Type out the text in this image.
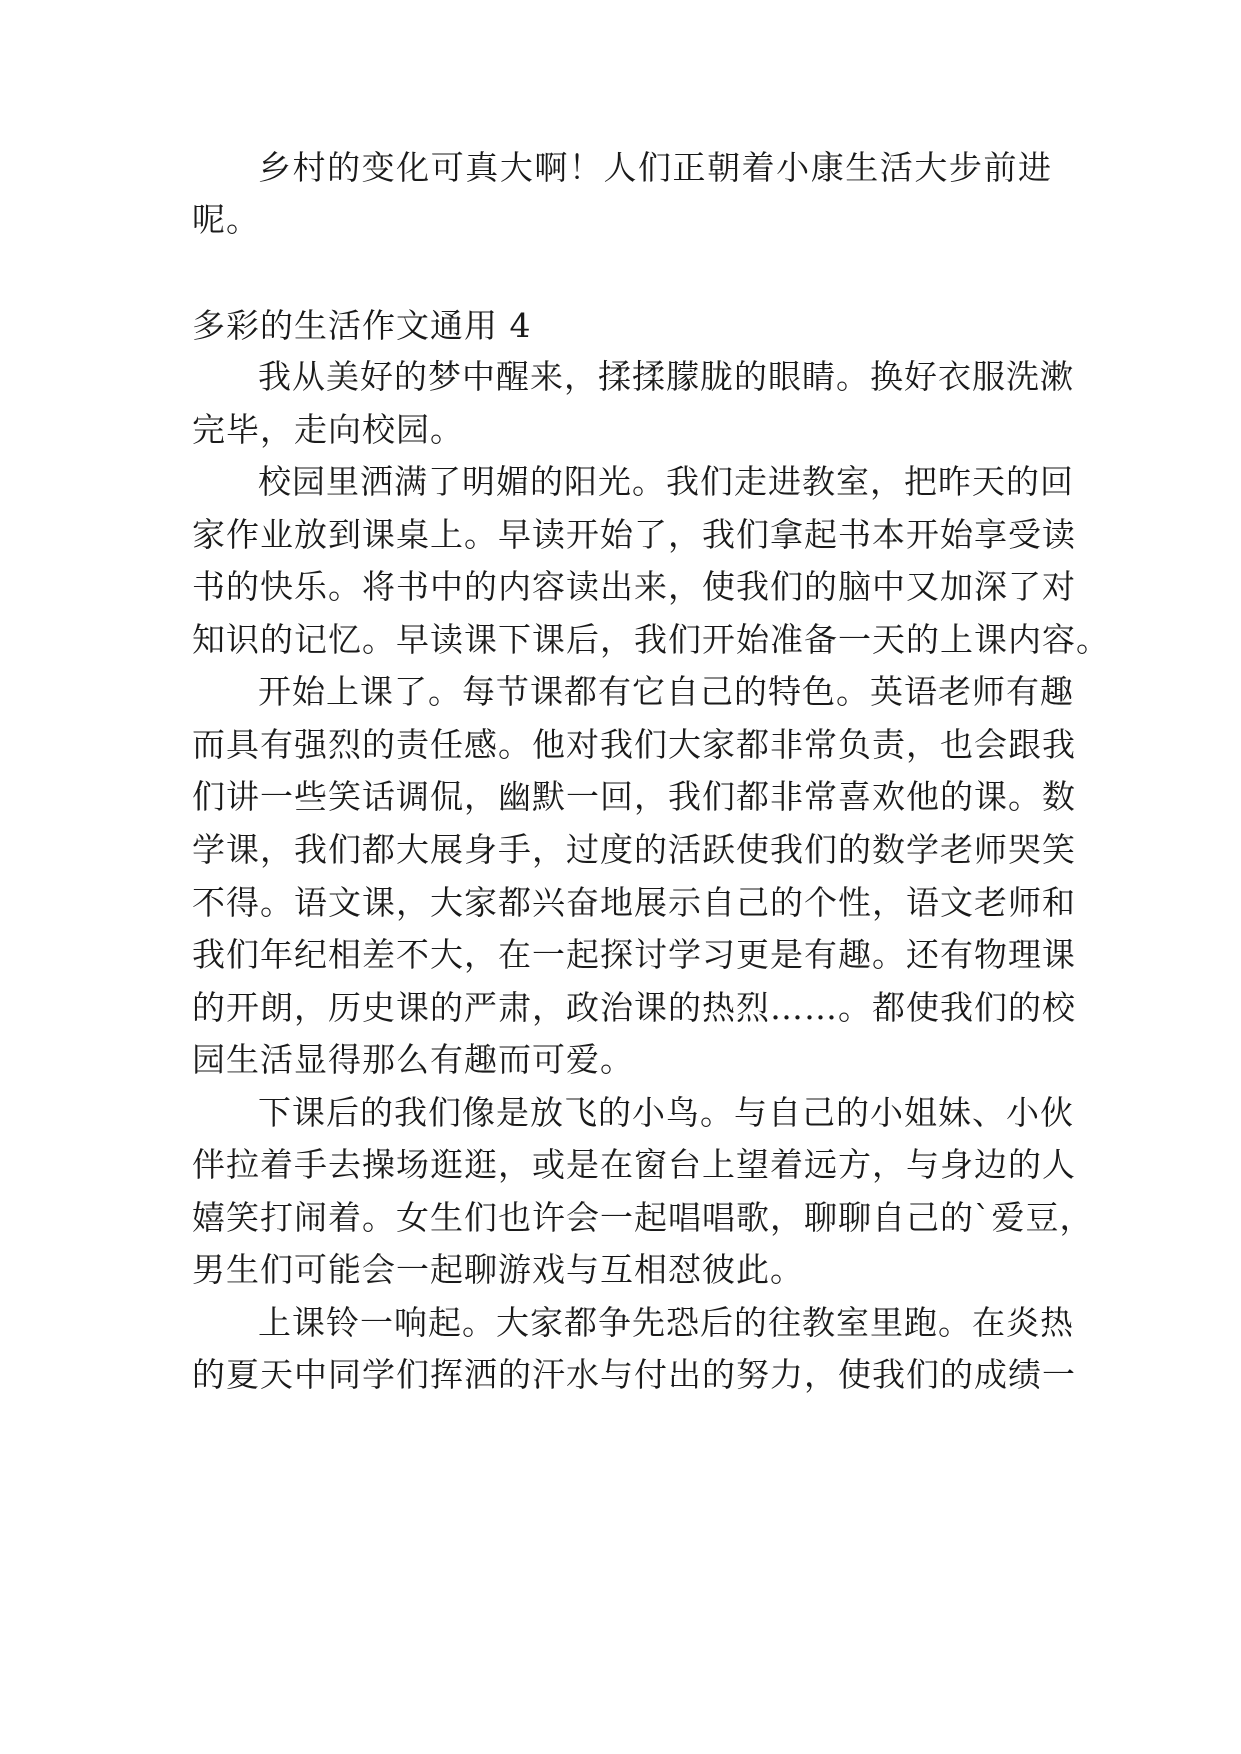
乡村的变化可真大啊！人们正朝着小康生活大步前进
呢。
多彩的生活作文通用 4
我从美好的梦中醒来，揉揉朦胧的眼睛。换好衣服洗漱
完毕，走向校园。
校园里洒满了明媚的阳光。我们走进教室，把昨天的回
家作业放到课桌上。早读开始了，我们拿起书本开始享受读
书的快乐。将书中的内容读出来，使我们的脑中又加深了对
知识的记忆。早读课下课后，我们开始准备一天的上课内容。
开始上课了。每节课都有它自己的特色。英语老师有趣
而具有强烈的责任感。他对我们大家都非常负责，也会跟我
们讲一些笑话调侃，幽默一回，我们都非常喜欢他的课。数
学课，我们都大展身手，过度的活跃使我们的数学老师哭笑
不得。语文课，大家都兴奋地展示自己的个性，语文老师和
我们年纪相差不大，在一起探讨学习更是有趣。还有物理课
的开朗，历史课的严肃，政治课的热烈……。都使我们的校
园生活显得那么有趣而可爱。
下课后的我们像是放飞的小鸟。与自己的小姐妹、小伙
伴拉着手去操场逛逛，或是在窗台上望着远方，与身边的人
嬉笑打闹着。女生们也许会一起唱唱歌，聊聊自己的`爱豆，
男生们可能会一起聊游戏与互相怼彼此。
上课铃一响起。大家都争先恐后的往教室里跑。在炎热
的夏天中同学们挥洒的汗水与付出的努力，使我们的成绩一
